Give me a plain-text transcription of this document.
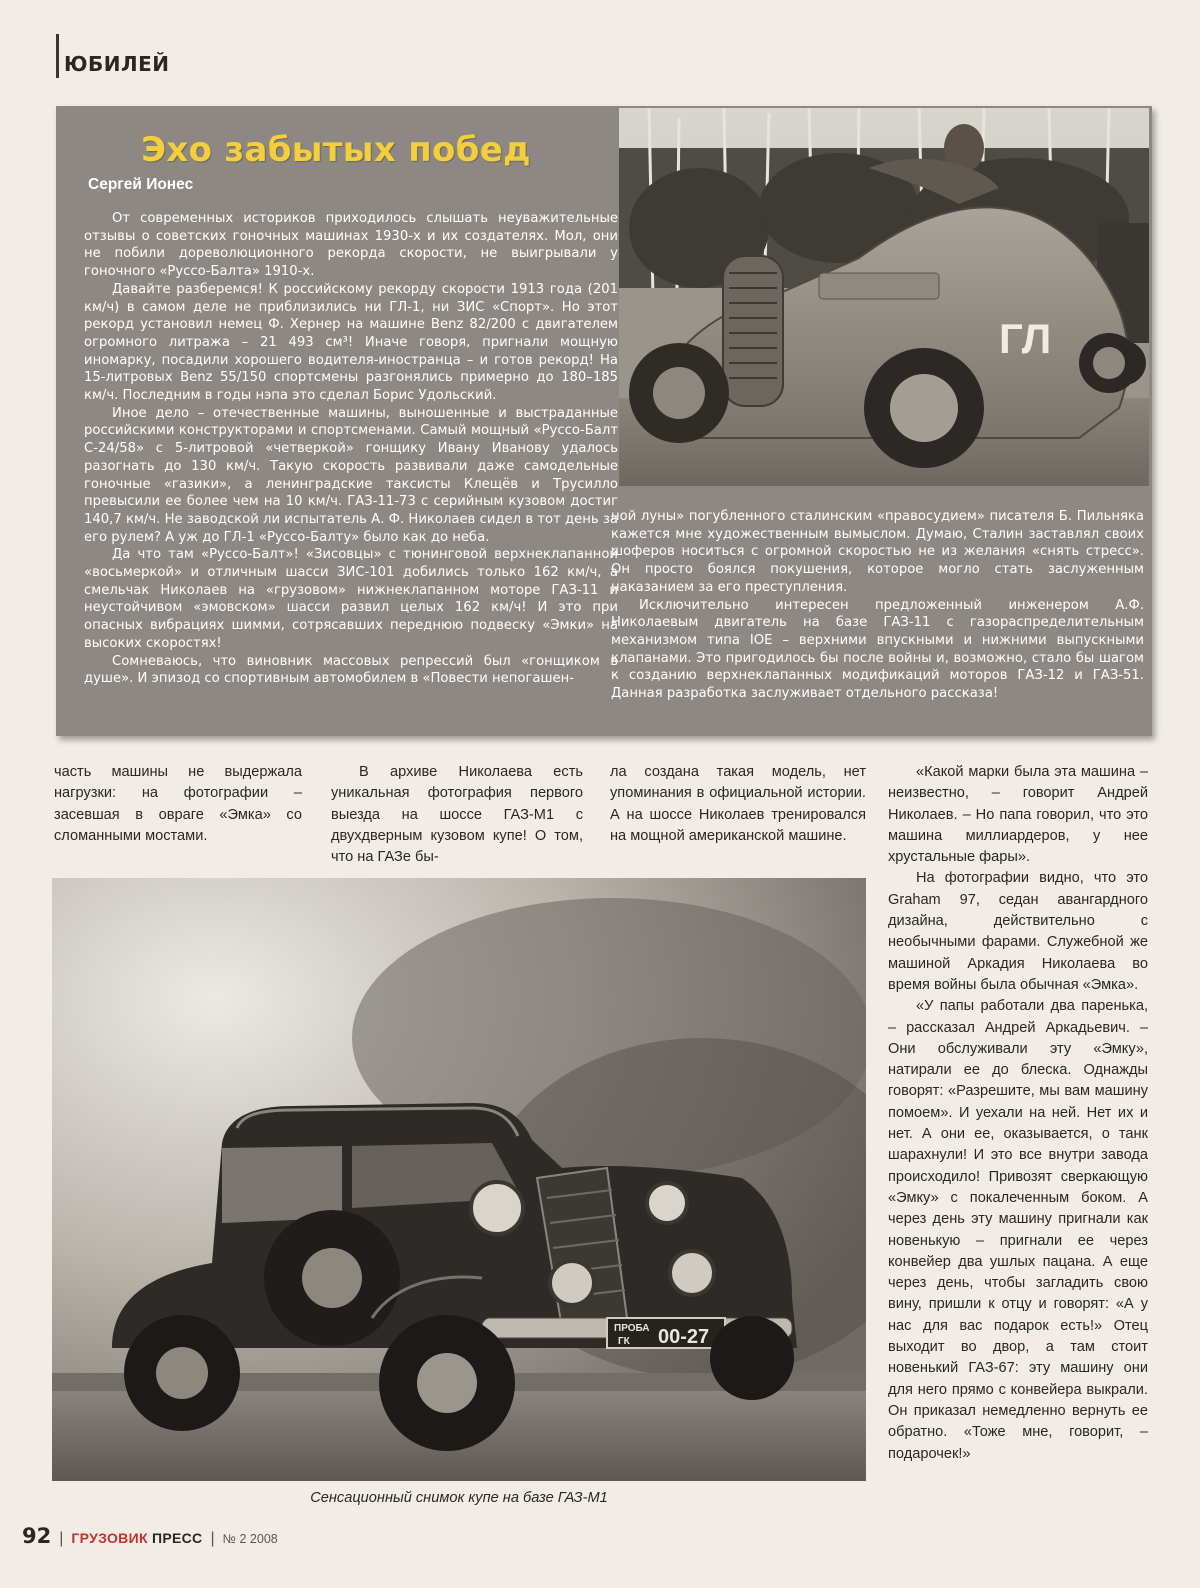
ЮБИЛЕЙ
Эхо забытых побед
Сергей Ионес

От современных историков приходилось слышать неуважительные отзывы о советских гоночных машинах 1930-х и их создателях. Мол, они не побили дореволюционного рекорда скорости, не выигрывали у гоночного «Руссо-Балта» 1910-х.

Давайте разберемся! К российскому рекорду скорости 1913 года (201 км/ч) в самом деле не приблизились ни ГЛ-1, ни ЗИС «Спорт». Но этот рекорд установил немец Ф. Хернер на машине Benz 82/200 с двигателем огромного литража – 21 493 см³! Иначе говоря, пригнали мощную иномарку, посадили хорошего водителя-иностранца – и готов рекорд! На 15-литровых Benz 55/150 спортсмены разгонялись примерно до 180–185 км/ч. Последним в годы нэпа это сделал Борис Удольский.

Иное дело – отечественные машины, выношенные и выстраданные российскими конструкторами и спортсменами. Самый мощный «Руссо-Балт С-24/58» с 5-литровой «четверкой» гонщику Ивану Иванову удалось разогнать до 130 км/ч. Такую скорость развивали даже самодельные гоночные «газики», а ленинградские таксисты Клещёв и Трусилло превысили ее более чем на 10 км/ч. ГАЗ-11-73 с серийным кузовом достиг 140,7 км/ч. Не заводской ли испытатель А. Ф. Николаев сидел в тот день за его рулем? А уж до ГЛ-1 «Руссо-Балту» было как до неба.

Да что там «Руссо-Балт»! «Зисовцы» с тюнинговой верхнеклапанной «восьмеркой» и отличным шасси ЗИС-101 добились только 162 км/ч, а смельчак Николаев на «грузовом» нижнеклапанном моторе ГАЗ-11 и неустойчивом «эмовском» шасси развил целых 162 км/ч! И это при опасных вибрациях шимми, сотрясавших переднюю подвеску «Эмки» на высоких скоростях!

Сомневаюсь, что виновник массовых репрессий был «гонщиком в душе». И эпизод со спортивным автомобилем в «Повести непогашен-

ГЛ

ной луны» погубленного сталинским «правосудием» писателя Б. Пильняка кажется мне художественным вымыслом. Думаю, Сталин заставлял своих шоферов носиться с огромной скоростью не из желания «снять стресс». Он просто боялся покушения, которое могло стать заслуженным наказанием за его преступления.

Исключительно интересен предложенный инженером А.Ф. Николаевым двигатель на базе ГАЗ-11 с газораспределительным механизмом типа IOE – верхними впускными и нижними выпускными клапанами. Это пригодилось бы после войны и, возможно, стало бы шагом к созданию верхнеклапанных модификаций моторов ГАЗ-12 и ГАЗ-51. Данная разработка заслуживает отдельного рассказа!

часть машины не выдержала нагрузки: на фотографии – засевшая в овраге «Эмка» со сломанными мостами.

В архиве Николаева есть уникальная фотография первого выезда на шоссе ГАЗ-М1 с двухдверным кузовом купе! О том, что на ГАЗе бы-

ла создана такая модель, нет упоминания в официальной истории. А на шоссе Николаев тренировался на мощной американской машине.

«Какой марки была эта машина – неизвестно, – говорит Андрей Николаев. – Но папа говорил, что это машина миллиардеров, у нее хрустальные фары».

На фотографии видно, что это Graham 97, седан авангардного дизайна, действительно с необычными фарами. Служебной же машиной Аркадия Николаева во время войны была обычная «Эмка».

«У папы работали два паренька, – рассказал Андрей Аркадьевич. – Они обслуживали эту «Эмку», натирали ее до блеска. Однажды говорят: «Разрешите, мы вам машину помоем». И уехали на ней. Нет их и нет. А они ее, оказывается, о танк шарахнули! И это все внутри завода происходило! Привозят сверкающую «Эмку» с покалеченным боком. А через день эту машину пригнали как новенькую – пригнали ее через конвейер два ушлых пацана. А еще через день, чтобы загладить свою вину, пришли к отцу и говорят: «А у нас для вас подарок есть!» Отец выходит во двор, а там стоит новенький ГАЗ-67: эту машину они для него прямо с конвейера выкрали. Он приказал немедленно вернуть ее обратно. «Тоже мне, говорит, – подарочек!»

ПРОБА
ГК 00-27
Сенсационный снимок купе на базе ГАЗ-М1
92 | ГРУЗОВИК ПРЕСС | № 2 2008
